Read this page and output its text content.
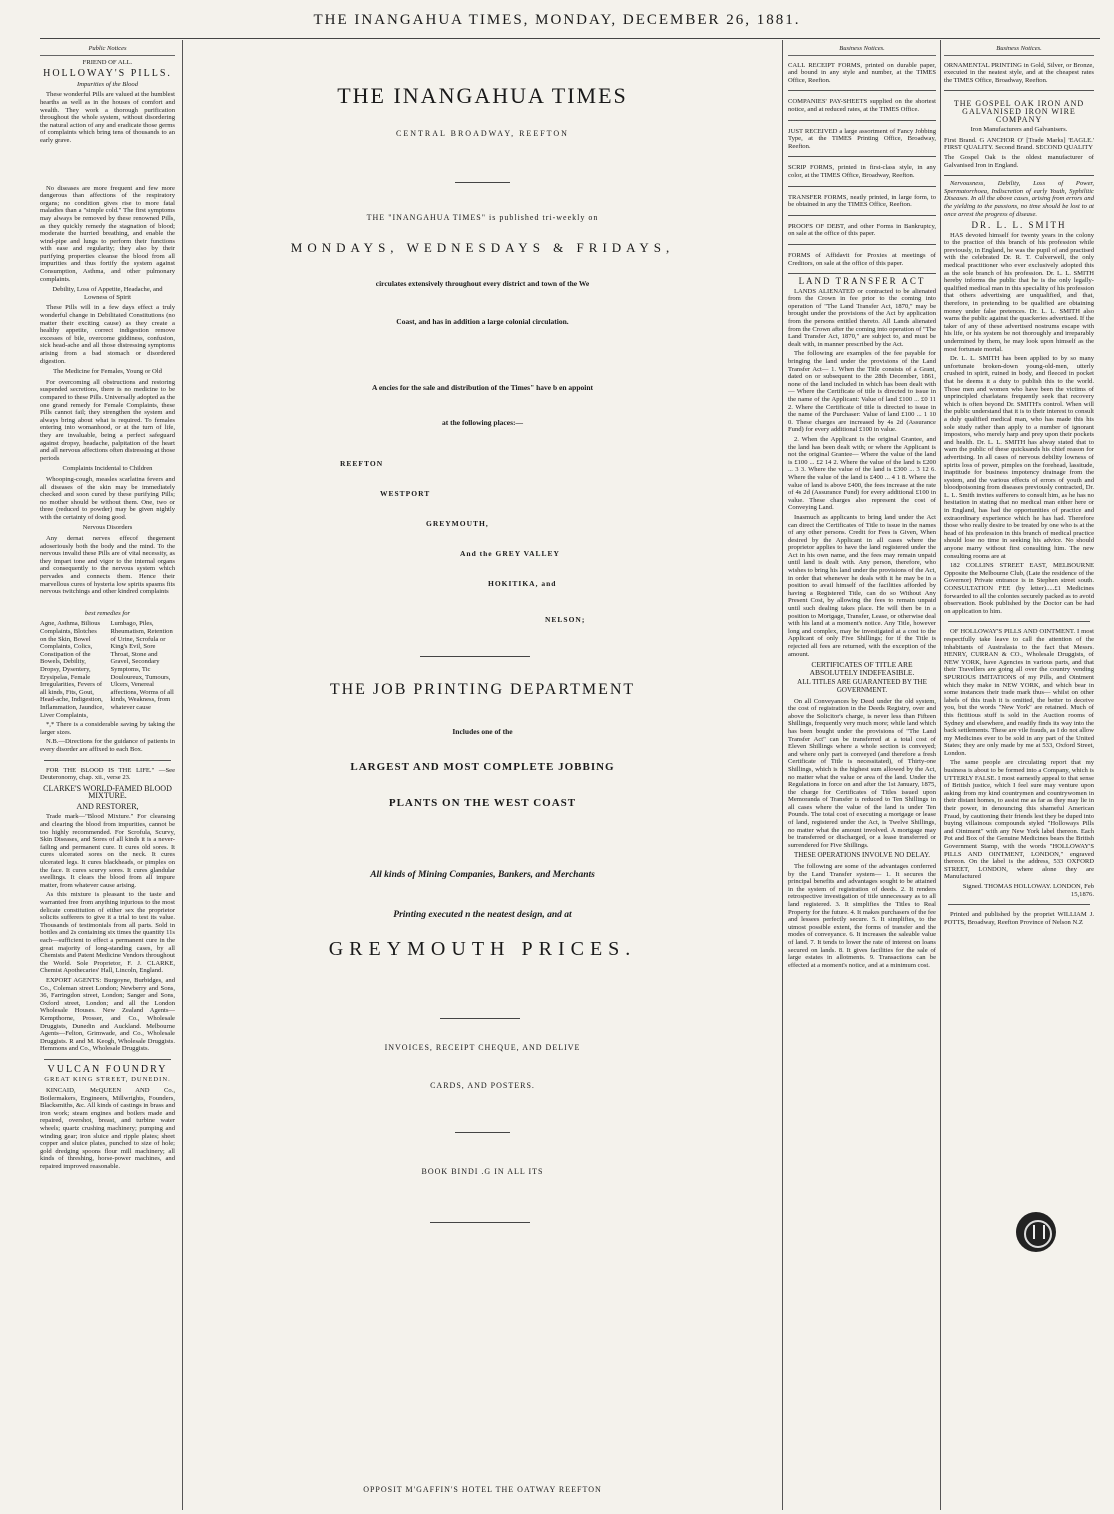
THE INANGAHUA TIMES, MONDAY, DECEMBER 26, 1881.
Public Notices
FRIEND OF ALL.
HOLLOWAY'S PILLS.
Impurities of the Blood

These wonderful Pills are valued at the humblest hearths as well as in the houses of comfort and wealth. They work a thorough purification throughout the whole system, without disordering the natural action of any and eradicate those germs of complaints which bring tens of thousands to an early grave.

No diseases are more frequent and few more dangerous than affections of the respiratory organs; no condition gives rise to more fatal maladies than a "simple cold." The first symptoms may always be removed by these renowned Pills, as they quickly remedy the stagnation of blood; moderate the hurried breathing, and enable the wind-pipe and lungs to perform their functions with ease and regularity; they also by their purifying properties cleanse the blood from all impurities and thus fortify the system against Consumption, Asthma, and other pulmonary complaints.

Debility, Loss of Appetite, Headache, and Lowness of Spirit

These Pills will in a few days effect a truly wonderful change in Debilitated Constitutions (no matter their exciting cause) as they create a healthy appetite, correct indigestion remove excesses of bile, overcome giddiness, confusion, sick head-ache and all those distressing symptoms arising from a bad stomach or disordered digestion.

The Medicine for Females, Young or Old

For overcoming all obstructions and restoring suspended secretions, there is no medicine to be compared to these Pills. Universally adopted as the one grand remedy for Female Complaints, these Pills cannot fail; they strengthen the system and always bring about what is required. To females entering into womanhood, or at the turn of life, they are invaluable, being a perfect safeguard against dropsy, headache, palpitation of the heart and all nervous affections often distressing at those periods

Complaints Incidental to Children

Whooping-cough, measles scarlatina fevers and all diseases of the skin may be immediately checked and soon cured by these purifying Pills; no mother should be without them. One, two or three (reduced to powder) may be given nightly with the certainty of doing good.

Nervous Disorders

Any dernat nerves effecof thegement adoseriously both the body and the mind. To the nervous invalid these Pills are of vital necessity, as they impart tone and vigor to the internal organs and consequently to the nervous system which pervades and connects them. Hence their marvellous cures of hysteria low spirits spasms fits nervous twitchings and other kindred complaints

best remedies for

Agne, Asthma, Bilious Complaints, Blotches on the Skin, Bowel Complaints, Colics, Constipation of the Bowels, Debility, Dropsy, Dysentery, Erysipelas, Female Irregularities, Fevers of all kinds, Fits, Gout, Head-ache, Indigestion, Inflammation, Jaundice, Liver Complaints, Lumbago, Piles, Rheumatism, Retention of Urine, Scrofula or King's Evil, Sore Throat, Stone and Gravel, Secondary Symptoms, Tic Douloureux, Tumours, Ulcers, Venereal affections, Worms of all kinds, Weakness, from whatever cause

*,* There is a considerable saving by taking the larger sizes.

N.B.—Directions for the guidance of patients in every disorder are affixed to each Box.

FOR THE BLOOD IS THE LIFE." —See Deuteronomy, chap. xii., verse 23.

CLARKE'S WORLD-FAMED BLOOD MIXTURE.
AND RESTORER,

Trade mark—"Blood Mixture." For cleansing and clearing the blood from impurities, cannot be too highly recommended. For Scrofula, Scurvy, Skin Diseases, and Sores of all kinds it is a never-failing and permanent cure. It cures old sores. It cures ulcerated sores on the neck. It cures ulcerated legs. It cures blackheads, or pimples on the face. It cures scurvy sores. It cures glandular swellings. It clears the blood from all impure matter, from whatever cause arising.

As this mixture is pleasant to the taste and warranted free from anything injurious to the most delicate constitution of either sex the proprietor solicits sufferers to give it a trial to test its value. Thousands of testimonials from all parts. Sold in bottles and 2s containing six times the quantity 11s each—sufficient to effect a permanent cure in the great majority of long-standing cases, by all Chemists and Patent Medicine Vendors throughout the World. Sole Proprietor, F. J. CLARKE, Chemist Apothecaries' Hall, Lincoln, England.

EXPORT AGENTS: Burgoyne, Burbidges, and Co., Coleman street London; Newberry and Sons, 36, Farringdon street, London; Sanger and Sons, Oxford street, London; and all the London Wholesale Houses. New Zealand Agents—Kempthorne, Prosser, and Co., Wholesale Druggists, Dunedin and Auckland. Melbourne Agents—Felton, Grimwade, and Co., Wholesale Druggists. R and M. Keogh, Wholesale Druggists. Hemmons and Co., Wholesale Druggists.

VULCAN FOUNDRY
GREAT KING STREET, DUNEDIN.

KINCAID, McQUEEN AND Co., Boilermakers, Engineers, Millwrights, Founders, Blacksmiths, &c. All kinds of castings in brass and iron work; steam engines and boilers made and repaired, overshot, breast, and turbine water wheels; quartz crushing machinery; pumping and winding gear; iron sluice and ripple plates; sheet copper and sluice plates, punched to size of hole; gold dredging spoons flour mill machinery; all kinds of threshing, horse-power machines, and repaired improved reasonable.

THE INANGAHUA TIMES
CENTRAL BROADWAY, REEFTON
THE "INANGAHUA TIMES" is published tri-weekly on
MONDAYS, WEDNESDAYS & FRIDAYS,
circulates extensively throughout every district and town of the We
Coast, and has in addition a large colonial circulation.
A encies for the sale and distribution of the Times" have b en appoint
at the following places:—
REEFTON
WESTPORT
GREYMOUTH,
And the GREY VALLEY
HOKITIKA, and
NELSON;
THE JOB PRINTING DEPARTMENT
Includes one of the
LARGEST AND MOST COMPLETE JOBBING
PLANTS ON THE WEST COAST
All kinds of Mining Companies, Bankers, and Merchants
Printing executed n the neatest design, and at
GREYMOUTH PRICES.
INVOICES, RECEIPT CHEQUE, AND DELIVE
CARDS, AND POSTERS.
BOOK BINDI .G IN ALL ITS
OPPOSIT M'GAFFIN'S HOTEL THE OATWAY REEFTON
Business Notices.

CALL RECEIPT FORMS, printed on durable paper, and bound in any style and number, at the TIMES Office, Reefton.

COMPANIES' PAY-SHEETS supplied on the shortest notice, and at reduced rates, at the TIMES Office.

JUST RECEIVED a large assortment of Fancy Jobbing Type, at the TIMES Printing Office, Broadway, Reefton.

SCRIP FORMS, printed in first-class style, in any color, at the TIMES Office, Broadway, Reefton.

TRANSFER FORMS, neatly printed, in large form, to be obtained in any the TIMES Office, Reefton.

PROOFS OF DEBT, and other Forms in Bankruptcy, on sale at the office of this paper.

FORMS of Affidavit for Proxies at meetings of Creditors, on sale at the office of this paper.

LAND TRANSFER ACT

LANDS ALIENATED or contracted to be alienated from the Crown in fee prior to the coming into operation of "The Land Transfer Act, 1870," may be brought under the provisions of the Act by application from the persons entitled thereto. All Lands alienated from the Crown after the coming into operation of "The Land Transfer Act, 1870," are subject to, and must be dealt with, in manner prescribed by the Act.

The following are examples of the fee payable for bringing the land under the provisions of the Land Transfer Act— 1. When the Title consists of a Grant, dated on or subsequent to the 28th December, 1861, none of the land included in which has been dealt with— Where the Certificate of title is directed to issue in the name of the Applicant: Value of land £100 ... £0 11 2. Where the Certificate of title is directed to issue in the name of the Purchaser: Value of land £100 ... 1 10 0. These charges are increased by 4s 2d (Assurance Fund) for every additional £100 in value.

2. When the Applicant is the original Grantee, and the land has been dealt with; or where the Applicant is not the original Grantee— Where the value of the land is £100 ... £2 14 2. Where the value of the land is £200 ... 3 3. Where the value of the land is £300 ... 3 12 6. Where the value of the land is £400 ... 4 1 8. Where the value of land is above £400, the fees increase at the rate of 4s 2d (Assurance Fund) for every additional £100 in value. These charges also represent the cost of Conveying Land.

Inasmuch as applicants to bring land under the Act can direct the Certificates of Title to issue in the names of any other persons. Credit for Fees is Given, When desired by the Applicant in all cases where the proprietor applies to have the land registered under the Act in his own name, and the fees may remain unpaid until land is dealt with. Any person, therefore, who wishes to bring his land under the provisions of the Act, in order that whenever he deals with it he may be in a position to avail himself of the facilities afforded by having a Registered Title, can do so Without Any Present Cost, by allowing the fees to remain unpaid until such dealing takes place. He will then be in a position to Mortgage, Transfer, Lease, or otherwise deal with his land at a moment's notice. Any Title, however long and complex, may be investigated at a cost to the Applicant of only Five Shillings; for if the Title is rejected all fees are returned, with the exception of the amount.

CERTIFICATES OF TITLE ARE ABSOLUTELY INDEFEASIBLE.
ALL TITLES ARE GUARANTEED BY THE GOVERNMENT.

On all Conveyances by Deed under the old system, the cost of registration in the Deeds Registry, over and above the Solicitor's charge, is never less than Fifteen Shillings, frequently very much more; while land which has been bought under the provisions of "The Land Transfer Act" can be transferred at a total cost of Eleven Shillings where a whole section is conveyed; and where only part is conveyed (and therefore a fresh Certificate of Title is necessitated), of Thirty-one Shillings, which is the highest sum allowed by the Act, no matter what the value or area of the land. Under the Regulations in force on and after the 1st January, 1875, the charge for Certificates of Titles issued upon Memoranda of Transfer is reduced to Ten Shillings in all cases where the value of the land is under Ten Pounds. The total cost of executing a mortgage or lease of land, registered under the Act, is Twelve Shillings, no matter what the amount involved. A mortgage may be transferred or discharged, or a lease transferred or surrendered for Five Shillings.

THESE OPERATIONS INVOLVE NO DELAY.

The following are some of the advantages conferred by the Land Transfer system— 1. It secures the principal benefits and advantages sought to be attained in the system of registration of deeds. 2. It renders retrospective investigation of title unnecessary as to all land registered. 3. It simplifies the Titles to Real Property for the future. 4. It makes purchasers of the fee and lessees perfectly secure. 5. It simplifies, to the utmost possible extent, the forms of transfer and the modes of conveyance. 6. It increases the saleable value of land. 7. It tends to lower the rate of interest on loans secured on lands. 8. It gives facilities for the sale of large estates in allotments. 9. Transactions can be effected at a moment's notice, and at a minimum cost.

Business Notices.

ORNAMENTAL PRINTING in Gold, Silver, or Bronze, executed in the neatest style, and at the cheapest rates the TIMES Office, Broadway, Reefton.

THE GOSPEL OAK IRON AND GALVANISED IRON WIRE COMPANY
Iron Manufacturers and Galvanisers.

First Brand. G ANCHOR O' [Trade Marks] 'EAGLE.' FIRST QUALITY. Second Brand. SECOND QUALITY

The Gospel Oak is the oldest manufacturer of Galvanised Iron in England.

Nervousness, Debility, Loss of Power, Spermatorrhoea, Indiscretion of early Youth, Syphilitic Diseases. In all the above cases, arising from errors and the yielding to the passions, no time should be lost to at once arrest the progress of disease.

DR. L. L. SMITH

HAS devoted himself for twenty years in the colony to the practice of this branch of his profession while previously, in England, he was the pupil of and practised with the celebrated Dr. R. T. Culverwell, the only medical practitioner who ever exclusively adopted this as the sole branch of his profession. Dr. L. L. SMITH hereby informs the public that he is the only legally-qualified medical man in this speciality of his profession that others advertising are unqualified, and that, therefore, in pretending to be qualified are obtaining money under false pretences. Dr. L. L. SMITH also warns the public against the quackeries advertised. If the taker of any of these advertised nostrums escape with his life, or his system be not thoroughly and irreparably undermined by them, he may look upon himself as the most fortunate mortal.

Dr. L. L. SMITH has been applied to by so many unfortunate broken-down young-old-men, utterly crushed in spirit, ruined in body, and fleeced in pocket that he deems it a duty to publish this to the world. Those men and women who have been the victims of unprincipled charlatans frequently seek that recovery which is often beyond Dr. SMITH's control. When will the public understand that it is to their interest to consult a duly qualified medical man, who has made this his sole study rather than apply to a number of ignorant impostors, who merely harp and prey upon their pockets and health. Dr. L. L. SMITH has alway stated that to warn the public of these quicksands his chief reason for advertising. In all cases of nervous debility lowness of spirits loss of power, pimples on the forehead, lassitude, inaptitude for business impotency drainage from the system, and the various effects of errors of youth and bloodpoisoning from diseases previously contracted, Dr. L. L. Smith invites sufferers to consult him, as he has no hesitation in stating that no medical man either here or in England, has had the opportunities of practice and extraordinary experience which he has had. Therefore those who really desire to be treated by one who is at the head of his profession in this branch of medical practice should lose no time in seeking his advice. No should anyone marry without first consulting him. The new consulting rooms are at

182 COLLINS STREET EAST, MELBOURNE Opposite the Melbourne Club, (Late the residence of the Governor) Private entrance is in Stephen street south. CONSULTATION FEE (by letter).....£1 Medicines forwarded to all the colonies securely packed as to avoid observation. Book published by the Doctor can be had on application to him.

OF HOLLOWAY'S PILLS AND OINTMENT. I most respectfully take leave to call the attention of the inhabitants of Australasia to the fact that Messrs. HENRY, CURRAN & CO., Wholesale Druggists, of NEW YORK, have Agencies in various parts, and that their Travellers are going all over the country vending SPURIOUS IMITATIONS of my Pills, and Ointment which they make in NEW YORK, and which bear in some instances their trade mark thus— whilst on other labels of this trash it is omitted, the better to deceive you, but the words "New York" are retained. Much of this fictitious stuff is sold in the Auction rooms of Sydney and elsewhere, and readily finds its way into the back settlements. These are vile frauds, as I do not allow my Medicines ever to be sold in any part of the United States; they are only made by me at 533, Oxford Street, London.

The same people are circulating report that my business is about to be formed into a Company, which is UTTERLY FALSE. I most earnestly appeal to that sense of British justice, which I feel sure may venture upon asking from my kind countrymen and countrywomen in their distant homes, to assist me as far as they may lie in their power, in denouncing this shameful American Fraud, by cautioning their friends lest they be duped into buying villainous compounds styled "Holloways Pills and Ointment" with any New York label thereon. Each Pot and Box of the Genuine Medicines bears the British Government Stamp, with the words "HOLLOWAY'S PILLS AND OINTMENT, LONDON," engraved thereon. On the label is the address, 533 OXFORD STREET, LONDON, where alone they are Manufactured

Signed. THOMAS HOLLOWAY. LONDON, Feb 15,1876.

Printed and published by the propriet WILLIAM J. POTTS, Broadway, Reefton Province of Nelson N.Z
